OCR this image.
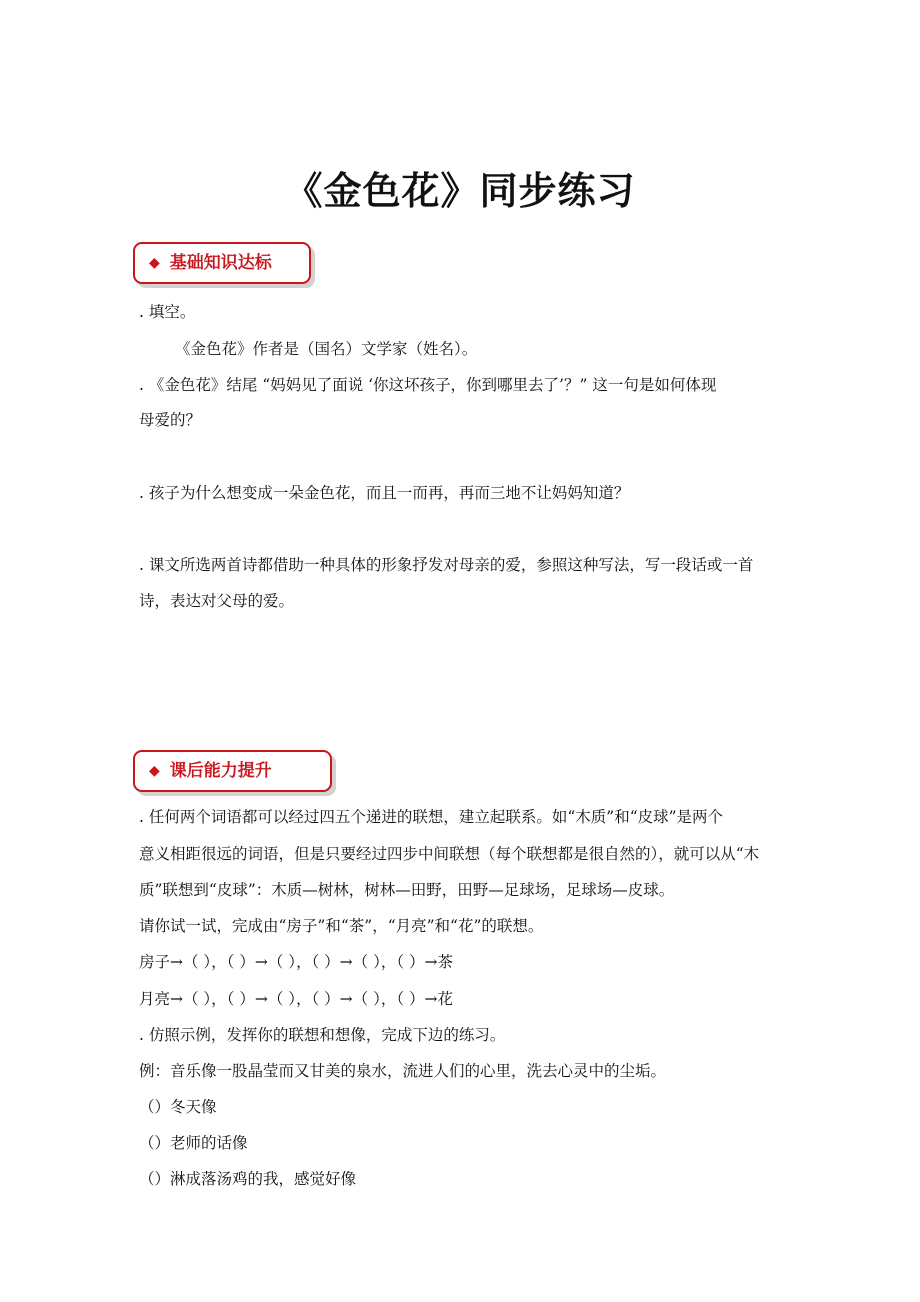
《金色花》同步练习
◆ 基础知识达标
. 填空。
《金色花》作者是（国名）文学家（姓名）。
. 《金色花》结尾 “妈妈见了面说 ‘你这坏孩子，你到哪里去了’？” 这一句是如何体现
母爱的？
. 孩子为什么想变成一朵金色花，而且一而再，再而三地不让妈妈知道？
. 课文所选两首诗都借助一种具体的形象抒发对母亲的爱，参照这种写法，写一段话或一首
诗，表达对父母的爱。
◆ 课后能力提升
. 任何两个词语都可以经过四五个递进的联想，建立起联系。如“木质”和“皮球”是两个
意义相距很远的词语，但是只要经过四步中间联想（每个联想都是很自然的），就可以从“木
质”联想到“皮球”：木质—树林，树林—田野，田野—足球场，足球场—皮球。
请你试一试，完成由“房子”和“茶”，“月亮”和“花”的联想。
房子→（ ），（ ）→（ ），（ ）→（ ），（ ）→茶
月亮→（ ），（ ）→（ ），（ ）→（ ），（ ）→花
. 仿照示例，发挥你的联想和想像，完成下边的练习。
例：音乐像一股晶莹而又甘美的泉水，流进人们的心里，洗去心灵中的尘垢。
（）冬天像
（）老师的话像
（）淋成落汤鸡的我，感觉好像
